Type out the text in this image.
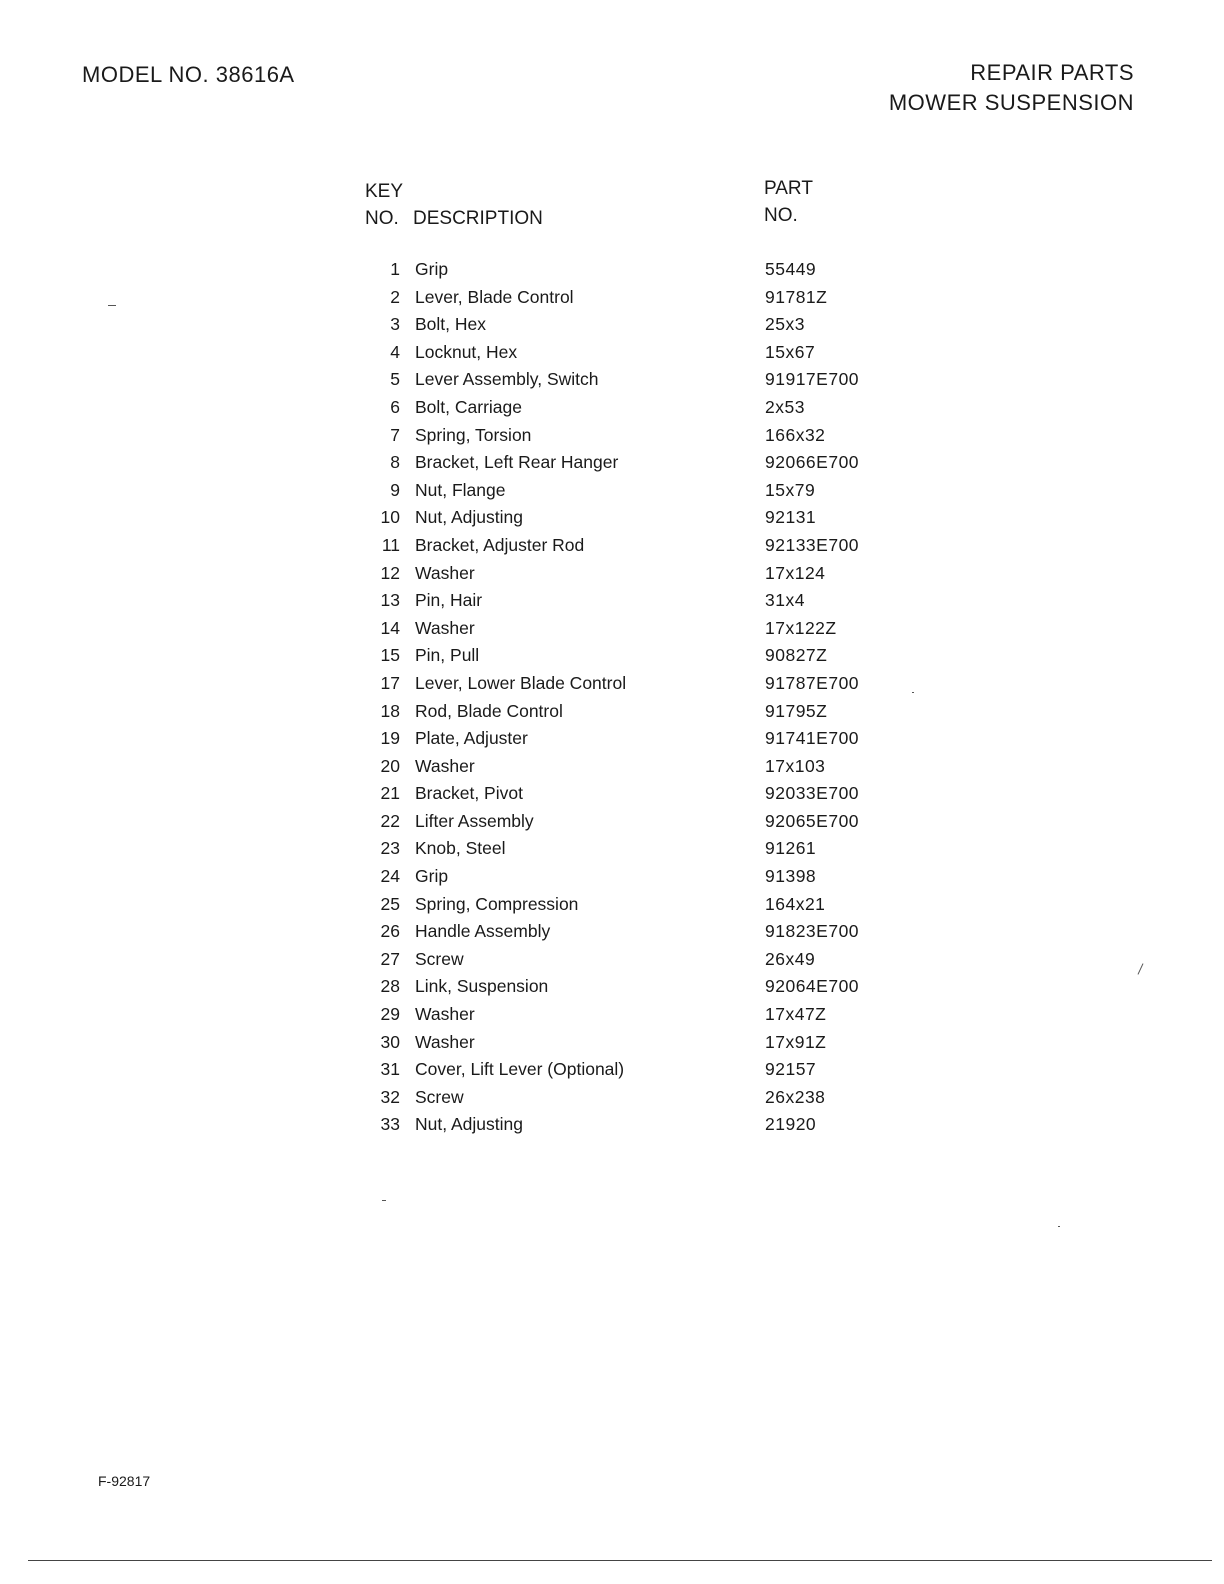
MODEL NO. 38616A	REPAIR PARTS
MOWER SUSPENSION
KEY
NO. DESCRIPTION
PART
NO.
1 Grip	55449
2 Lever, Blade Control	91781Z
3 Bolt, Hex	25x3
4 Locknut, Hex	15x67
5 Lever Assembly, Switch	91917E700
6 Bolt, Carriage	2x53
7 Spring, Torsion	166x32
8 Bracket, Left Rear Hanger	92066E700
9 Nut, Flange	15x79
10 Nut, Adjusting	92131
11 Bracket, Adjuster Rod	92133E700
12 Washer	17x124
13 Pin, Hair	31x4
14 Washer	17x122Z
15 Pin, Pull	90827Z
17 Lever, Lower Blade Control	91787E700
18 Rod, Blade Control	91795Z
19 Plate, Adjuster	91741E700
20 Washer	17x103
21 Bracket, Pivot	92033E700
22 Lifter Assembly	92065E700
23 Knob, Steel	91261
24 Grip	91398
25 Spring, Compression	164x21
26 Handle Assembly	91823E700
27 Screw	26x49
28 Link, Suspension	92064E700
29 Washer	17x47Z
30 Washer	17x91Z
31 Cover, Lift Lever (Optional)	92157
32 Screw	26x238
33 Nut, Adjusting	21920
F-92817
